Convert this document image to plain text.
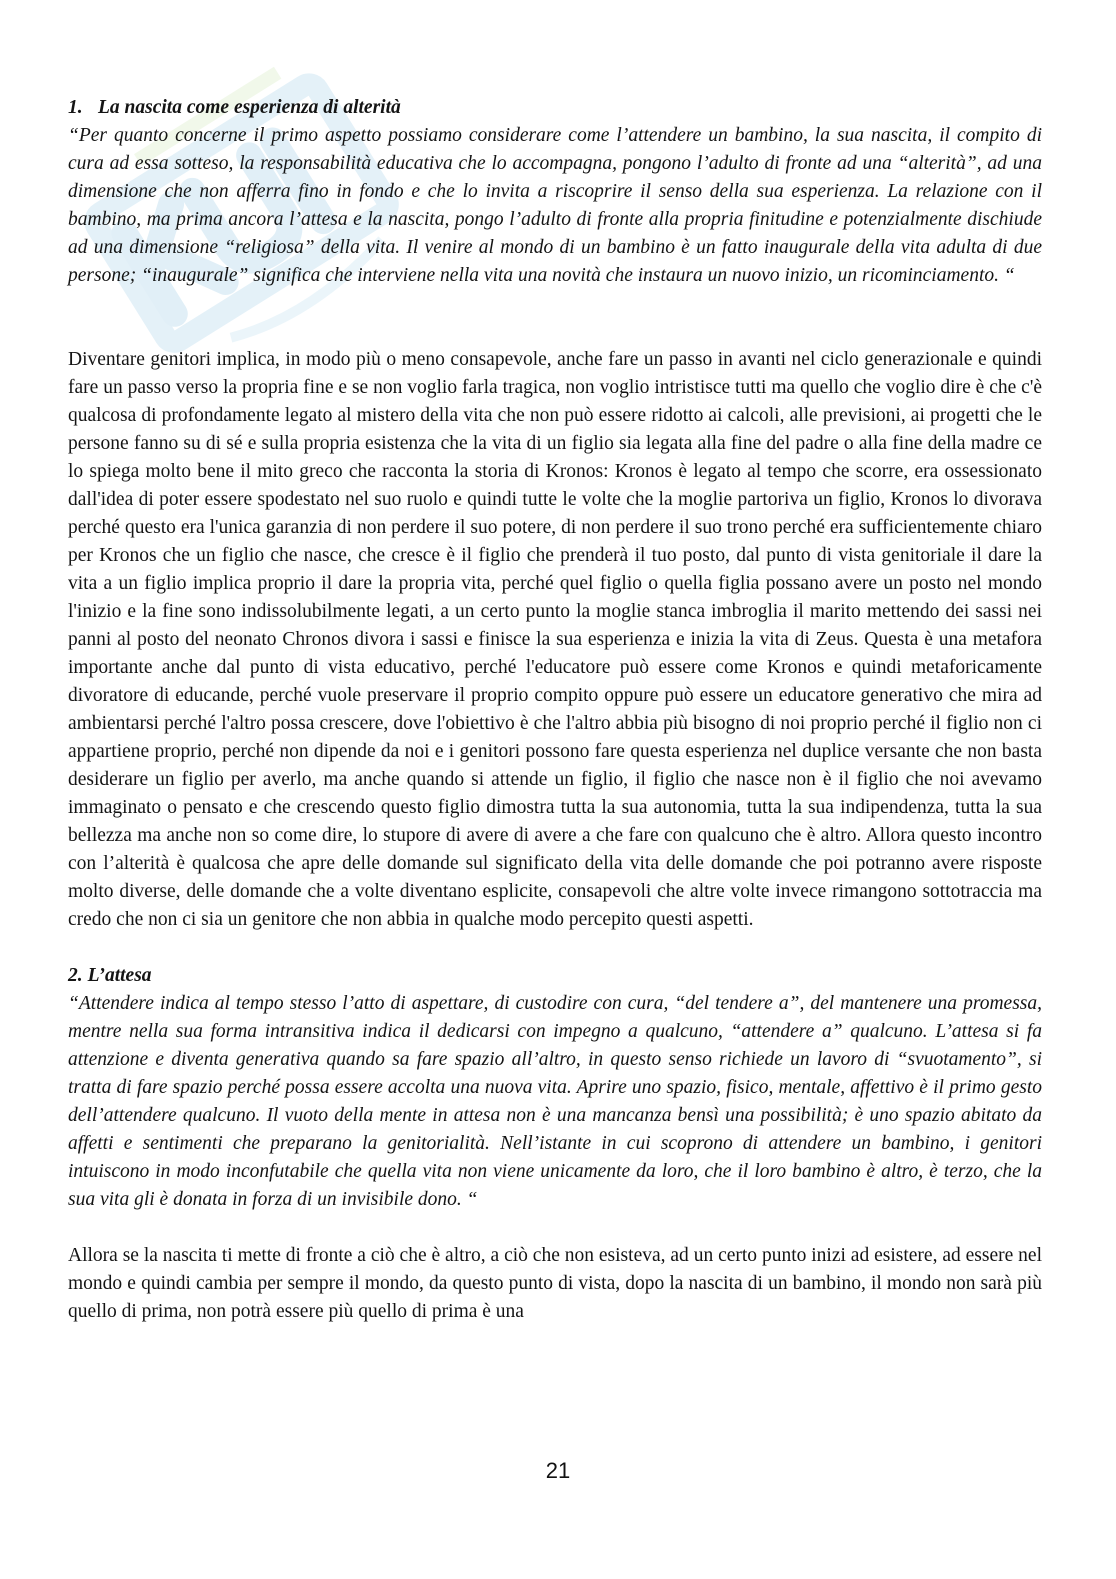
1. La nascita come esperienza di alterità

“Per quanto concerne il primo aspetto possiamo considerare come l’attendere un bambino, la sua nascita, il compito di cura ad essa sotteso, la responsabilità educativa che lo accompagna, pongono l’adulto di fronte ad una “alterità”, ad una dimensione che non afferra fino in fondo e che lo invita a riscoprire il senso della sua esperienza. La relazione con il bambino, ma prima ancora l’attesa e la nascita, pongo l’adulto di fronte alla propria finitudine e potenzialmente dischiude ad una dimensione “religiosa” della vita. Il venire al mondo di un bambino è un fatto inaugurale della vita adulta di due persone; “inaugurale” significa che interviene nella vita una novità che instaura un nuovo inizio, un ricominciamento. “

Diventare genitori implica, in modo più o meno consapevole, anche fare un passo in avanti nel ciclo generazionale e quindi fare un passo verso la propria fine e se non voglio farla tragica, non voglio intristisce tutti ma quello che voglio dire è che c'è qualcosa di profondamente legato al mistero della vita che non può essere ridotto ai calcoli, alle previsioni, ai progetti che le persone fanno su di sé e sulla propria esistenza che la vita di un figlio sia legata alla fine del padre o alla fine della madre ce lo spiega molto bene il mito greco che racconta la storia di Kronos: Kronos è legato al tempo che scorre, era ossessionato dall'idea di poter essere spodestato nel suo ruolo e quindi tutte le volte che la moglie partoriva un figlio, Kronos lo divorava perché questo era l'unica garanzia di non perdere il suo potere, di non perdere il suo trono perché era sufficientemente chiaro per Kronos che un figlio che nasce, che cresce è il figlio che prenderà il tuo posto, dal punto di vista genitoriale il dare la vita a un figlio implica proprio il dare la propria vita, perché quel figlio o quella figlia possano avere un posto nel mondo l'inizio e la fine sono indissolubilmente legati, a un certo punto la moglie stanca imbroglia il marito mettendo dei sassi nei panni al posto del neonato Chronos divora i sassi e finisce la sua esperienza e inizia la vita di Zeus. Questa è una metafora importante anche dal punto di vista educativo, perché l'educatore può essere come Kronos e quindi metaforicamente divoratore di educande, perché vuole preservare il proprio compito oppure può essere un educatore generativo che mira ad ambientarsi perché l'altro possa crescere, dove l'obiettivo è che l'altro abbia più bisogno di noi proprio perché il figlio non ci appartiene proprio, perché non dipende da noi e i genitori possono fare questa esperienza nel duplice versante che non basta desiderare un figlio per averlo, ma anche quando si attende un figlio, il figlio che nasce non è il figlio che noi avevamo immaginato o pensato e che crescendo questo figlio dimostra tutta la sua autonomia, tutta la sua indipendenza, tutta la sua bellezza ma anche non so come dire, lo stupore di avere di avere a che fare con qualcuno che è altro. Allora questo incontro con l’alterità è qualcosa che apre delle domande sul significato della vita delle domande che poi potranno avere risposte molto diverse, delle domande che a volte diventano esplicite, consapevoli che altre volte invece rimangono sottotraccia ma credo che non ci sia un genitore che non abbia in qualche modo percepito questi aspetti.

2. L’attesa

“Attendere indica al tempo stesso l’atto di aspettare, di custodire con cura, “del tendere a”, del mantenere una promessa, mentre nella sua forma intransitiva indica il dedicarsi con impegno a qualcuno, “attendere a” qualcuno. L’attesa si fa attenzione e diventa generativa quando sa fare spazio all’altro, in questo senso richiede un lavoro di “svuotamento”, si tratta di fare spazio perché possa essere accolta una nuova vita. Aprire uno spazio, fisico, mentale, affettivo è il primo gesto dell’attendere qualcuno. Il vuoto della mente in attesa non è una mancanza bensì una possibilità; è uno spazio abitato da affetti e sentimenti che preparano la genitorialità. Nell’istante in cui scoprono di attendere un bambino, i genitori intuiscono in modo inconfutabile che quella vita non viene unicamente da loro, che il loro bambino è altro, è terzo, che la sua vita gli è donata in forza di un invisibile dono. “

Allora se la nascita ti mette di fronte a ciò che è altro, a ciò che non esisteva, ad un certo punto inizi ad esistere, ad essere nel mondo e quindi cambia per sempre il mondo, da questo punto di vista, dopo la nascita di un bambino, il mondo non sarà più quello di prima, non potrà essere più quello di prima è una

21
